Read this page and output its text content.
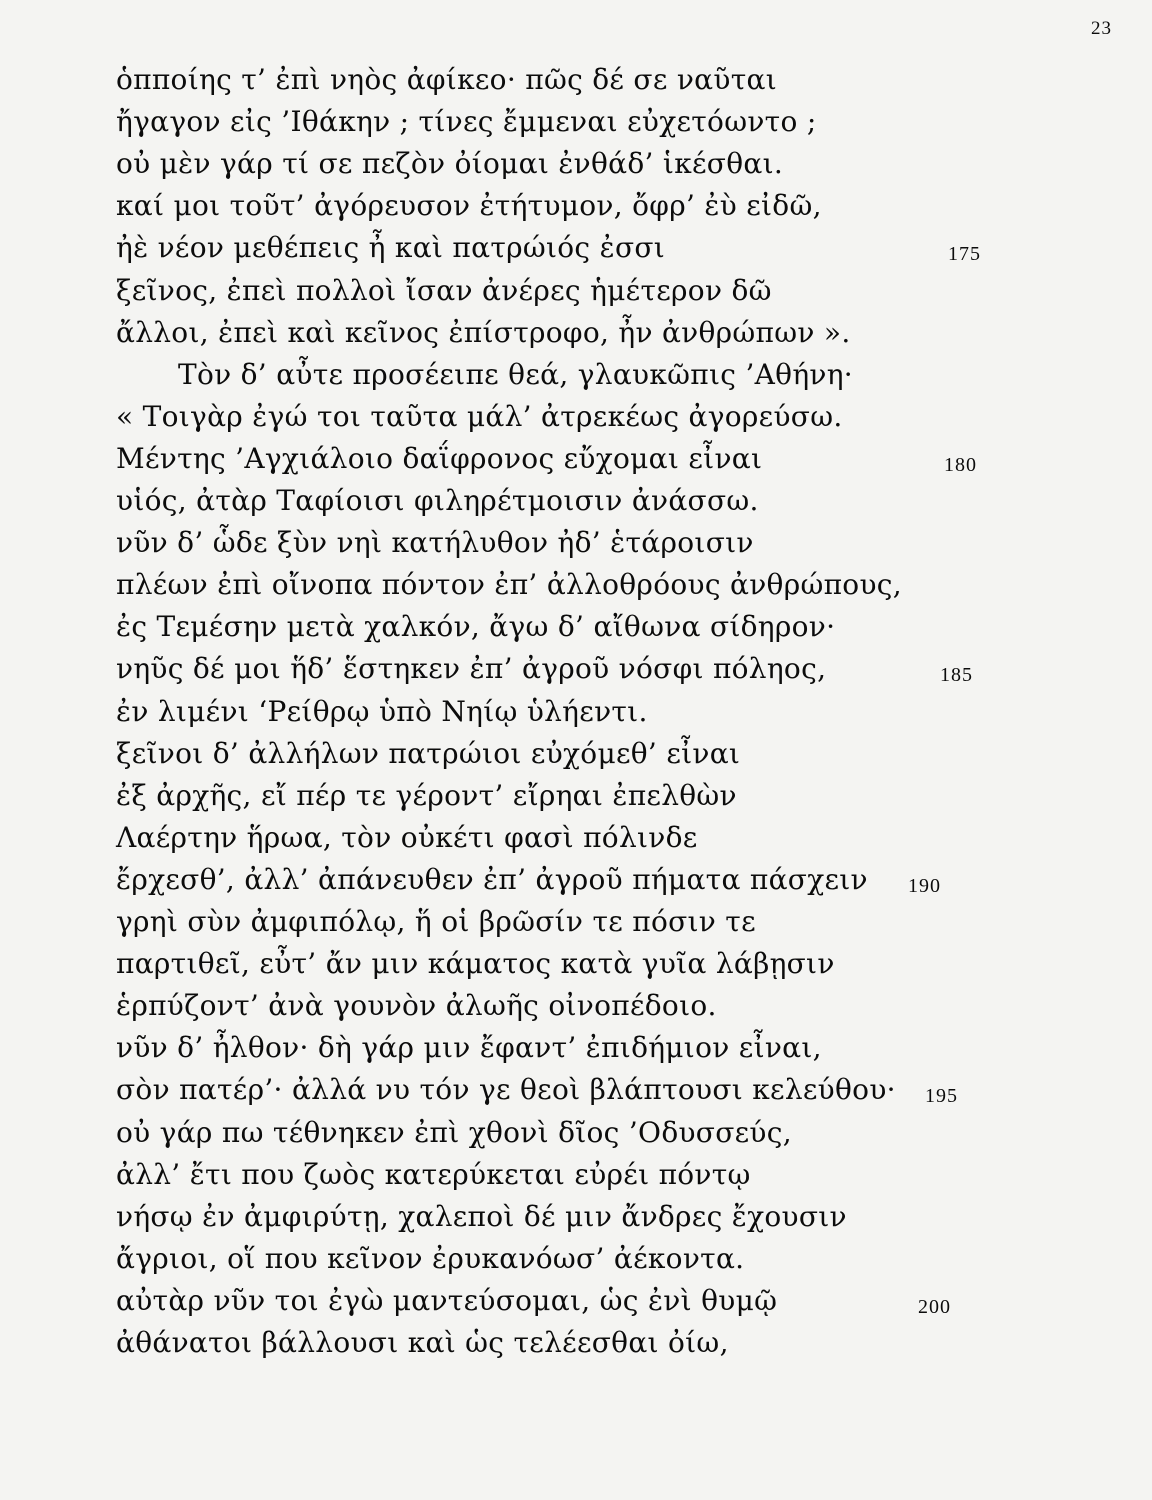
23
ὁπποίης τ’ ἐπὶ νηὸς ἀφίκεο· πῶς δέ σε ναῦται
ἤγαγον εἰς ’Ιθάκην ; τίνες ἔμμεναι εὐχετόωντο ;
οὐ μὲν γάρ τί σε πεζὸν ὀίομαι ἐνθάδ’ ἱκέσθαι.
καί μοι τοῦτ’ ἀγόρευσον ἐτήτυμον, ὄφρ’ ἐὺ εἰδῶ,
ἠὲ νέον μεθέπεις ἦ καὶ πατρώιός ἐσσι	175
ξεῖνος, ἐπεὶ πολλοὶ ἴσαν ἀνέρες ἡμέτερον δῶ
ἄλλοι, ἐπεὶ καὶ κεῖνος ἐπίστροφο, ἦν ἀνθρώπων ».
Τὸν δ’ αὖτε προσέειπε θεά, γλαυκῶπις ’Αθήνη·
« Τοιγὰρ ἐγώ τοι ταῦτα μάλ’ ἀτρεκέως ἀγορεύσω.
Μέντης ’Αγχιάλοιο δαΐφρονος εὔχομαι εἶναι	180
υἱός, ἀτὰρ Ταφίοισι φιληρέτμοισιν ἀνάσσω.
νῦν δ’ ὧδε ξὺν νηὶ κατήλυθον ἠδ’ ἑτάροισιν
πλέων ἐπὶ οἴνοπα πόντον ἐπ’ ἀλλοθρόους ἀνθρώπους,
ἐς Τεμέσην μετὰ χαλκόν, ἄγω δ’ αἴθωνα σίδηρον·
νηῦς δέ μοι ἥδ’ ἕστηκεν ἐπ’ ἀγροῦ νόσφι πόληος,	185
ἐν λιμένι ‘Ρείθρῳ ὑπὸ Νηίῳ ὑλήεντι.
ξεῖνοι δ’ ἀλλήλων πατρώιοι εὐχόμεθ’ εἶναι
ἐξ ἀρχῆς, εἴ πέρ τε γέροντ’ εἴρηαι ἐπελθὼν
Λαέρτην ἥρωα, τὸν οὐκέτι φασὶ πόλινδε
ἔρχεσθ’, ἀλλ’ ἀπάνευθεν ἐπ’ ἀγροῦ πήματα πάσχειν 190
γρηὶ σὺν ἀμφιπόλῳ, ἥ οἱ βρῶσίν τε πόσιν τε
παρτιθεῖ, εὖτ’ ἄν μιν κάματος κατὰ γυῖα λάβῃσιν
ἑρπύζοντ’ ἀνὰ γουνὸν ἀλωῆς οἰνοπέδοιο.
νῦν δ’ ἦλθον· δὴ γάρ μιν ἔφαντ’ ἐπιδήμιον εἶναι,
σὸν πατέρ’· ἀλλά νυ τόν γε θεοὶ βλάπτουσι κελεύθου· 195
οὐ γάρ πω τέθνηκεν ἐπὶ χθονὶ δῖος ’Οδυσσεύς,
ἀλλ’ ἔτι που ζωὸς κατερύκεται εὐρέι πόντῳ
νήσῳ ἐν ἀμφιρύτῃ, χαλεποὶ δέ μιν ἄνδρες ἔχουσιν
ἄγριοι, οἵ που κεῖνον ἐρυκανόωσ’ ἀέκοντα.
αὐτὰρ νῦν τοι ἐγὼ μαντεύσομαι, ὡς ἐνὶ θυμῷ	200
ἀθάνατοι βάλλουσι καὶ ὡς τελέεσθαι ὀίω,
